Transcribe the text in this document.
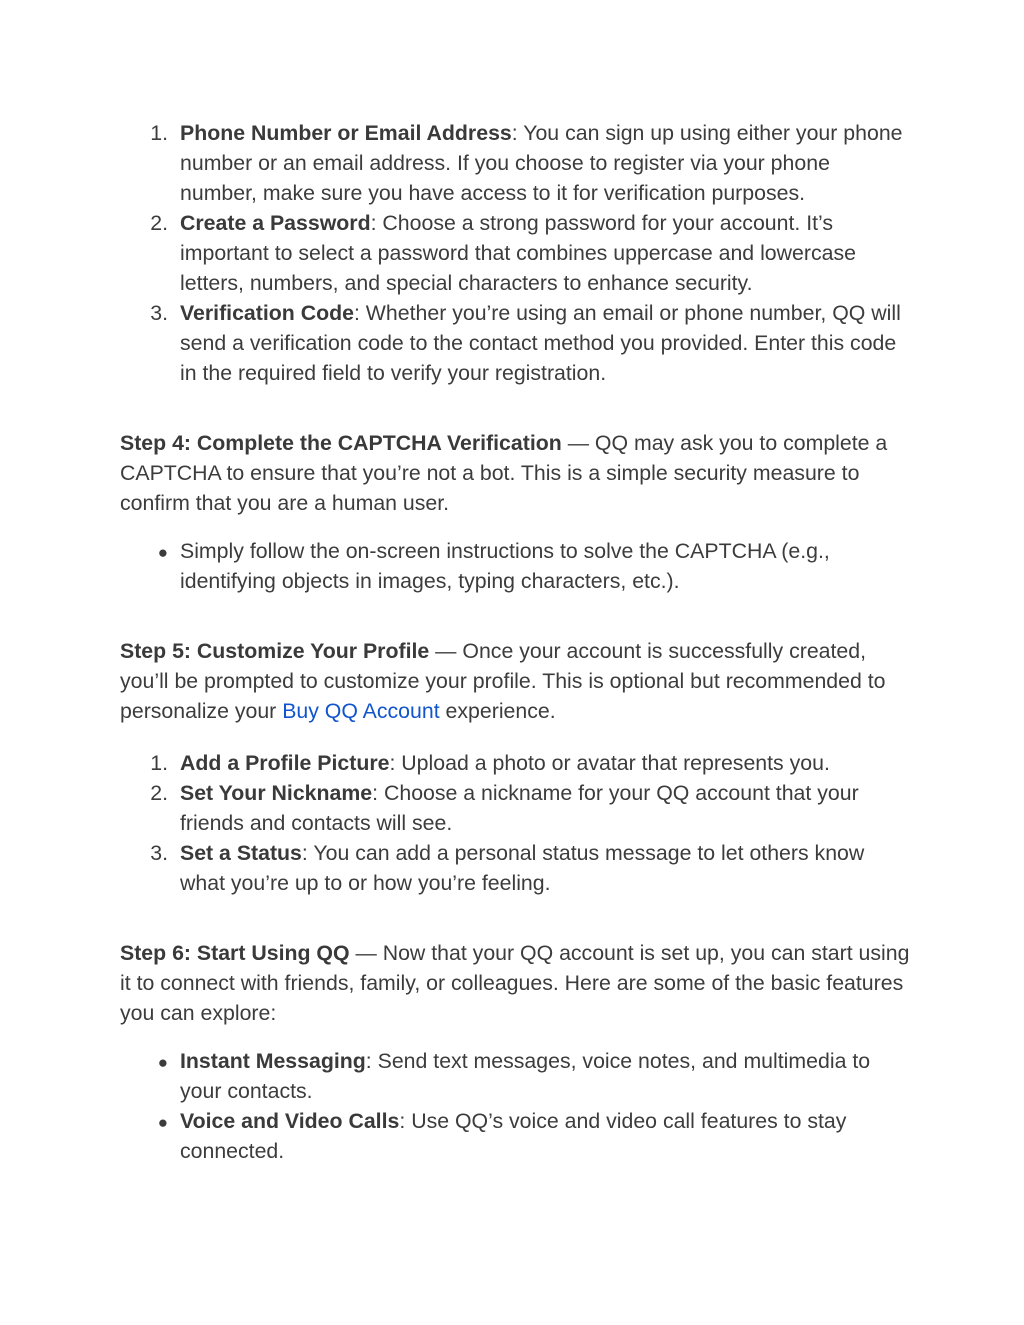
1. Phone Number or Email Address: You can sign up using either your phone number or an email address. If you choose to register via your phone number, make sure you have access to it for verification purposes.
2. Create a Password: Choose a strong password for your account. It’s important to select a password that combines uppercase and lowercase letters, numbers, and special characters to enhance security.
3. Verification Code: Whether you’re using an email or phone number, QQ will send a verification code to the contact method you provided. Enter this code in the required field to verify your registration.

Step 4: Complete the CAPTCHA Verification — QQ may ask you to complete a CAPTCHA to ensure that you’re not a bot. This is a simple security measure to confirm that you are a human user.

● Simply follow the on-screen instructions to solve the CAPTCHA (e.g., identifying objects in images, typing characters, etc.).

Step 5: Customize Your Profile — Once your account is successfully created, you’ll be prompted to customize your profile. This is optional but recommended to personalize your Buy QQ Account experience.

1. Add a Profile Picture: Upload a photo or avatar that represents you.
2. Set Your Nickname: Choose a nickname for your QQ account that your friends and contacts will see.
3. Set a Status: You can add a personal status message to let others know what you’re up to or how you’re feeling.

Step 6: Start Using QQ — Now that your QQ account is set up, you can start using it to connect with friends, family, or colleagues. Here are some of the basic features you can explore:

● Instant Messaging: Send text messages, voice notes, and multimedia to your contacts.
● Voice and Video Calls: Use QQ’s voice and video call features to stay connected.
